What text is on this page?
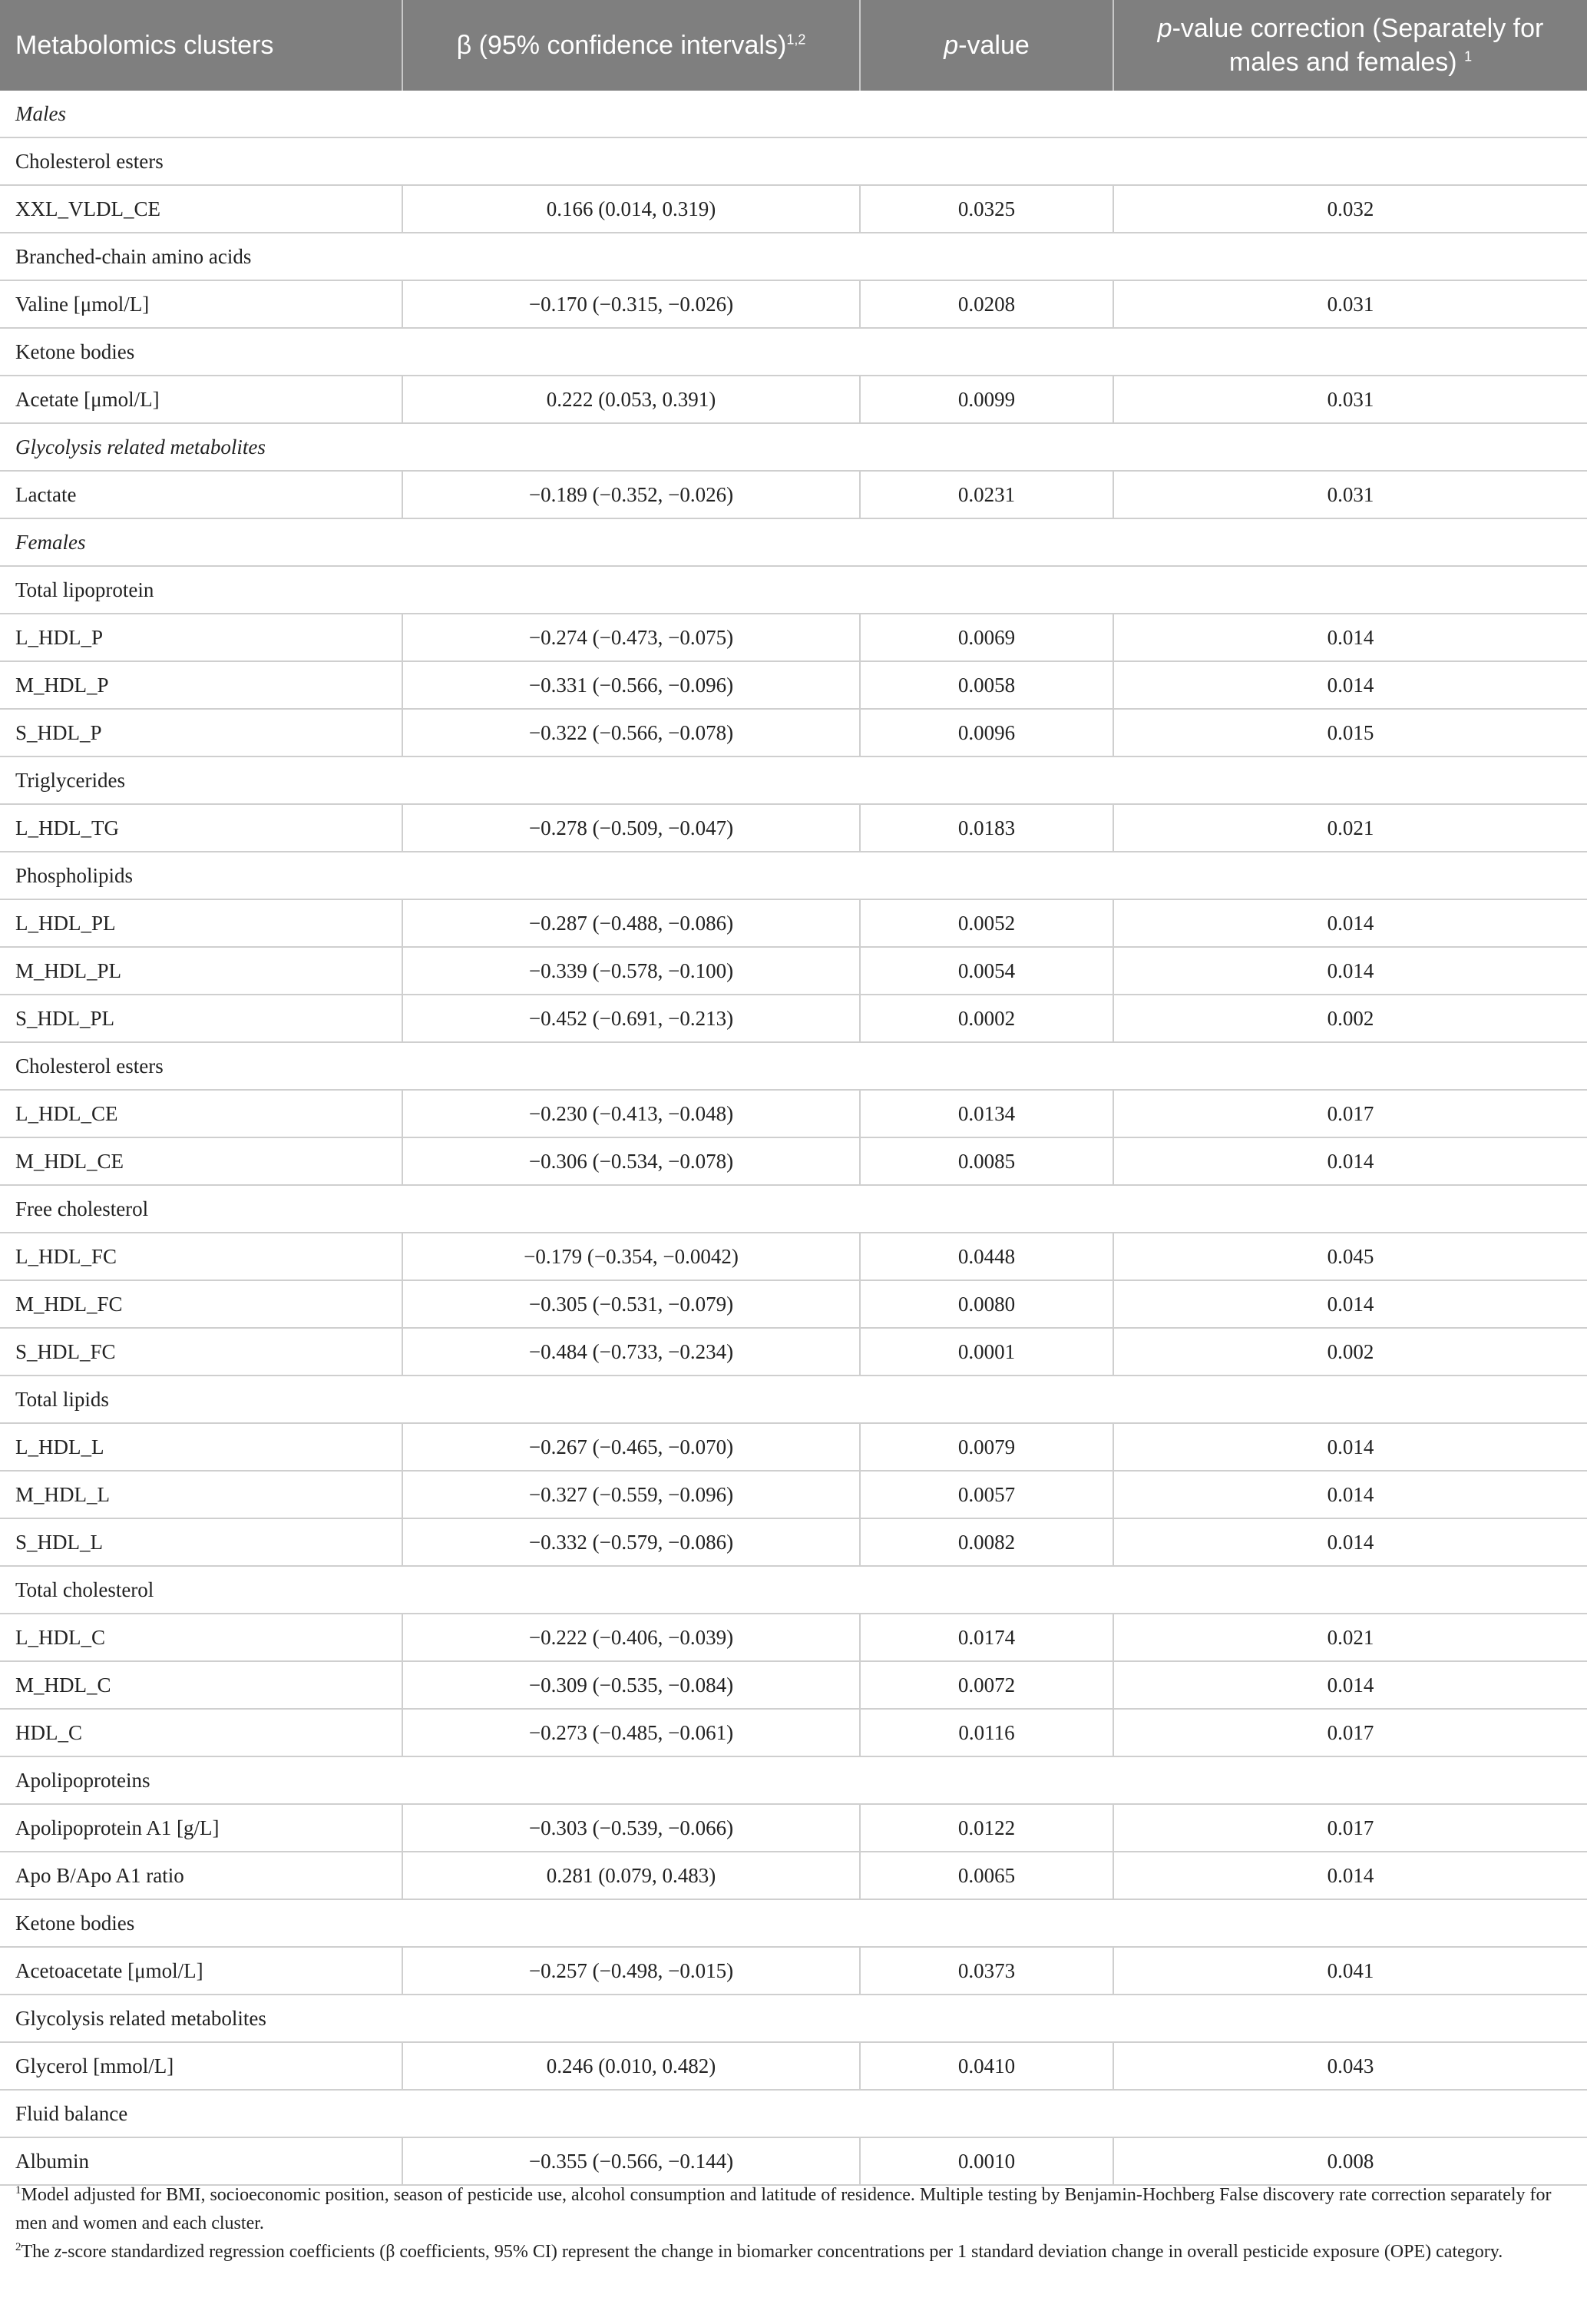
Metabolomics clusters	β (95% confidence intervals)$^{1,2}$	p-value	p-value correction (Separately for males and females) $^1$
Males			
Cholesterol esters			
XXL_VLDL_CE	0.166 (0.014, 0.319)	0.0325	0.032
Branched-chain amino acids			
Valine [μmol/L]	−0.170 (−0.315, −0.026)	0.0208	0.031
Ketone bodies			
Acetate [μmol/L]	0.222 (0.053, 0.391)	0.0099	0.031
Glycolysis related metabolites			
Lactate	−0.189 (−0.352, −0.026)	0.0231	0.031
Females			
Total lipoprotein			
L_HDL_P	−0.274 (−0.473, −0.075)	0.0069	0.014
M_HDL_P	−0.331 (−0.566, −0.096)	0.0058	0.014
S_HDL_P	−0.322 (−0.566, −0.078)	0.0096	0.015
Triglycerides			
L_HDL_TG	−0.278 (−0.509, −0.047)	0.0183	0.021
Phospholipids			
L_HDL_PL	−0.287 (−0.488, −0.086)	0.0052	0.014
M_HDL_PL	−0.339 (−0.578, −0.100)	0.0054	0.014
S_HDL_PL	−0.452 (−0.691, −0.213)	0.0002	0.002
Cholesterol esters			
L_HDL_CE	−0.230 (−0.413, −0.048)	0.0134	0.017
M_HDL_CE	−0.306 (−0.534, −0.078)	0.0085	0.014
Free cholesterol			
L_HDL_FC	−0.179 (−0.354, −0.0042)	0.0448	0.045
M_HDL_FC	−0.305 (−0.531, −0.079)	0.0080	0.014
S_HDL_FC	−0.484 (−0.733, −0.234)	0.0001	0.002
Total lipids			
L_HDL_L	−0.267 (−0.465, −0.070)	0.0079	0.014
M_HDL_L	−0.327 (−0.559, −0.096)	0.0057	0.014
S_HDL_L	−0.332 (−0.579, −0.086)	0.0082	0.014
Total cholesterol			
L_HDL_C	−0.222 (−0.406, −0.039)	0.0174	0.021
M_HDL_C	−0.309 (−0.535, −0.084)	0.0072	0.014
HDL_C	−0.273 (−0.485, −0.061)	0.0116	0.017
Apolipoproteins			
Apolipoprotein A1 [g/L]	−0.303 (−0.539, −0.066)	0.0122	0.017
Apo B/Apo A1 ratio	0.281 (0.079, 0.483)	0.0065	0.014
Ketone bodies			
Acetoacetate [μmol/L]	−0.257 (−0.498, −0.015)	0.0373	0.041
Glycolysis related metabolites			
Glycerol [mmol/L]	0.246 (0.010, 0.482)	0.0410	0.043
Fluid balance			
Albumin	−0.355 (−0.566, −0.144)	0.0010	0.008

$^1$Model adjusted for BMI, socioeconomic position, season of pesticide use, alcohol consumption and latitude of residence. Multiple testing by Benjamin-Hochberg False discovery rate correction separately for men and women and each cluster.

$^2$The z-score standardized regression coefficients (β coefficients, 95% CI) represent the change in biomarker concentrations per 1 standard deviation change in overall pesticide exposure (OPE) category.
